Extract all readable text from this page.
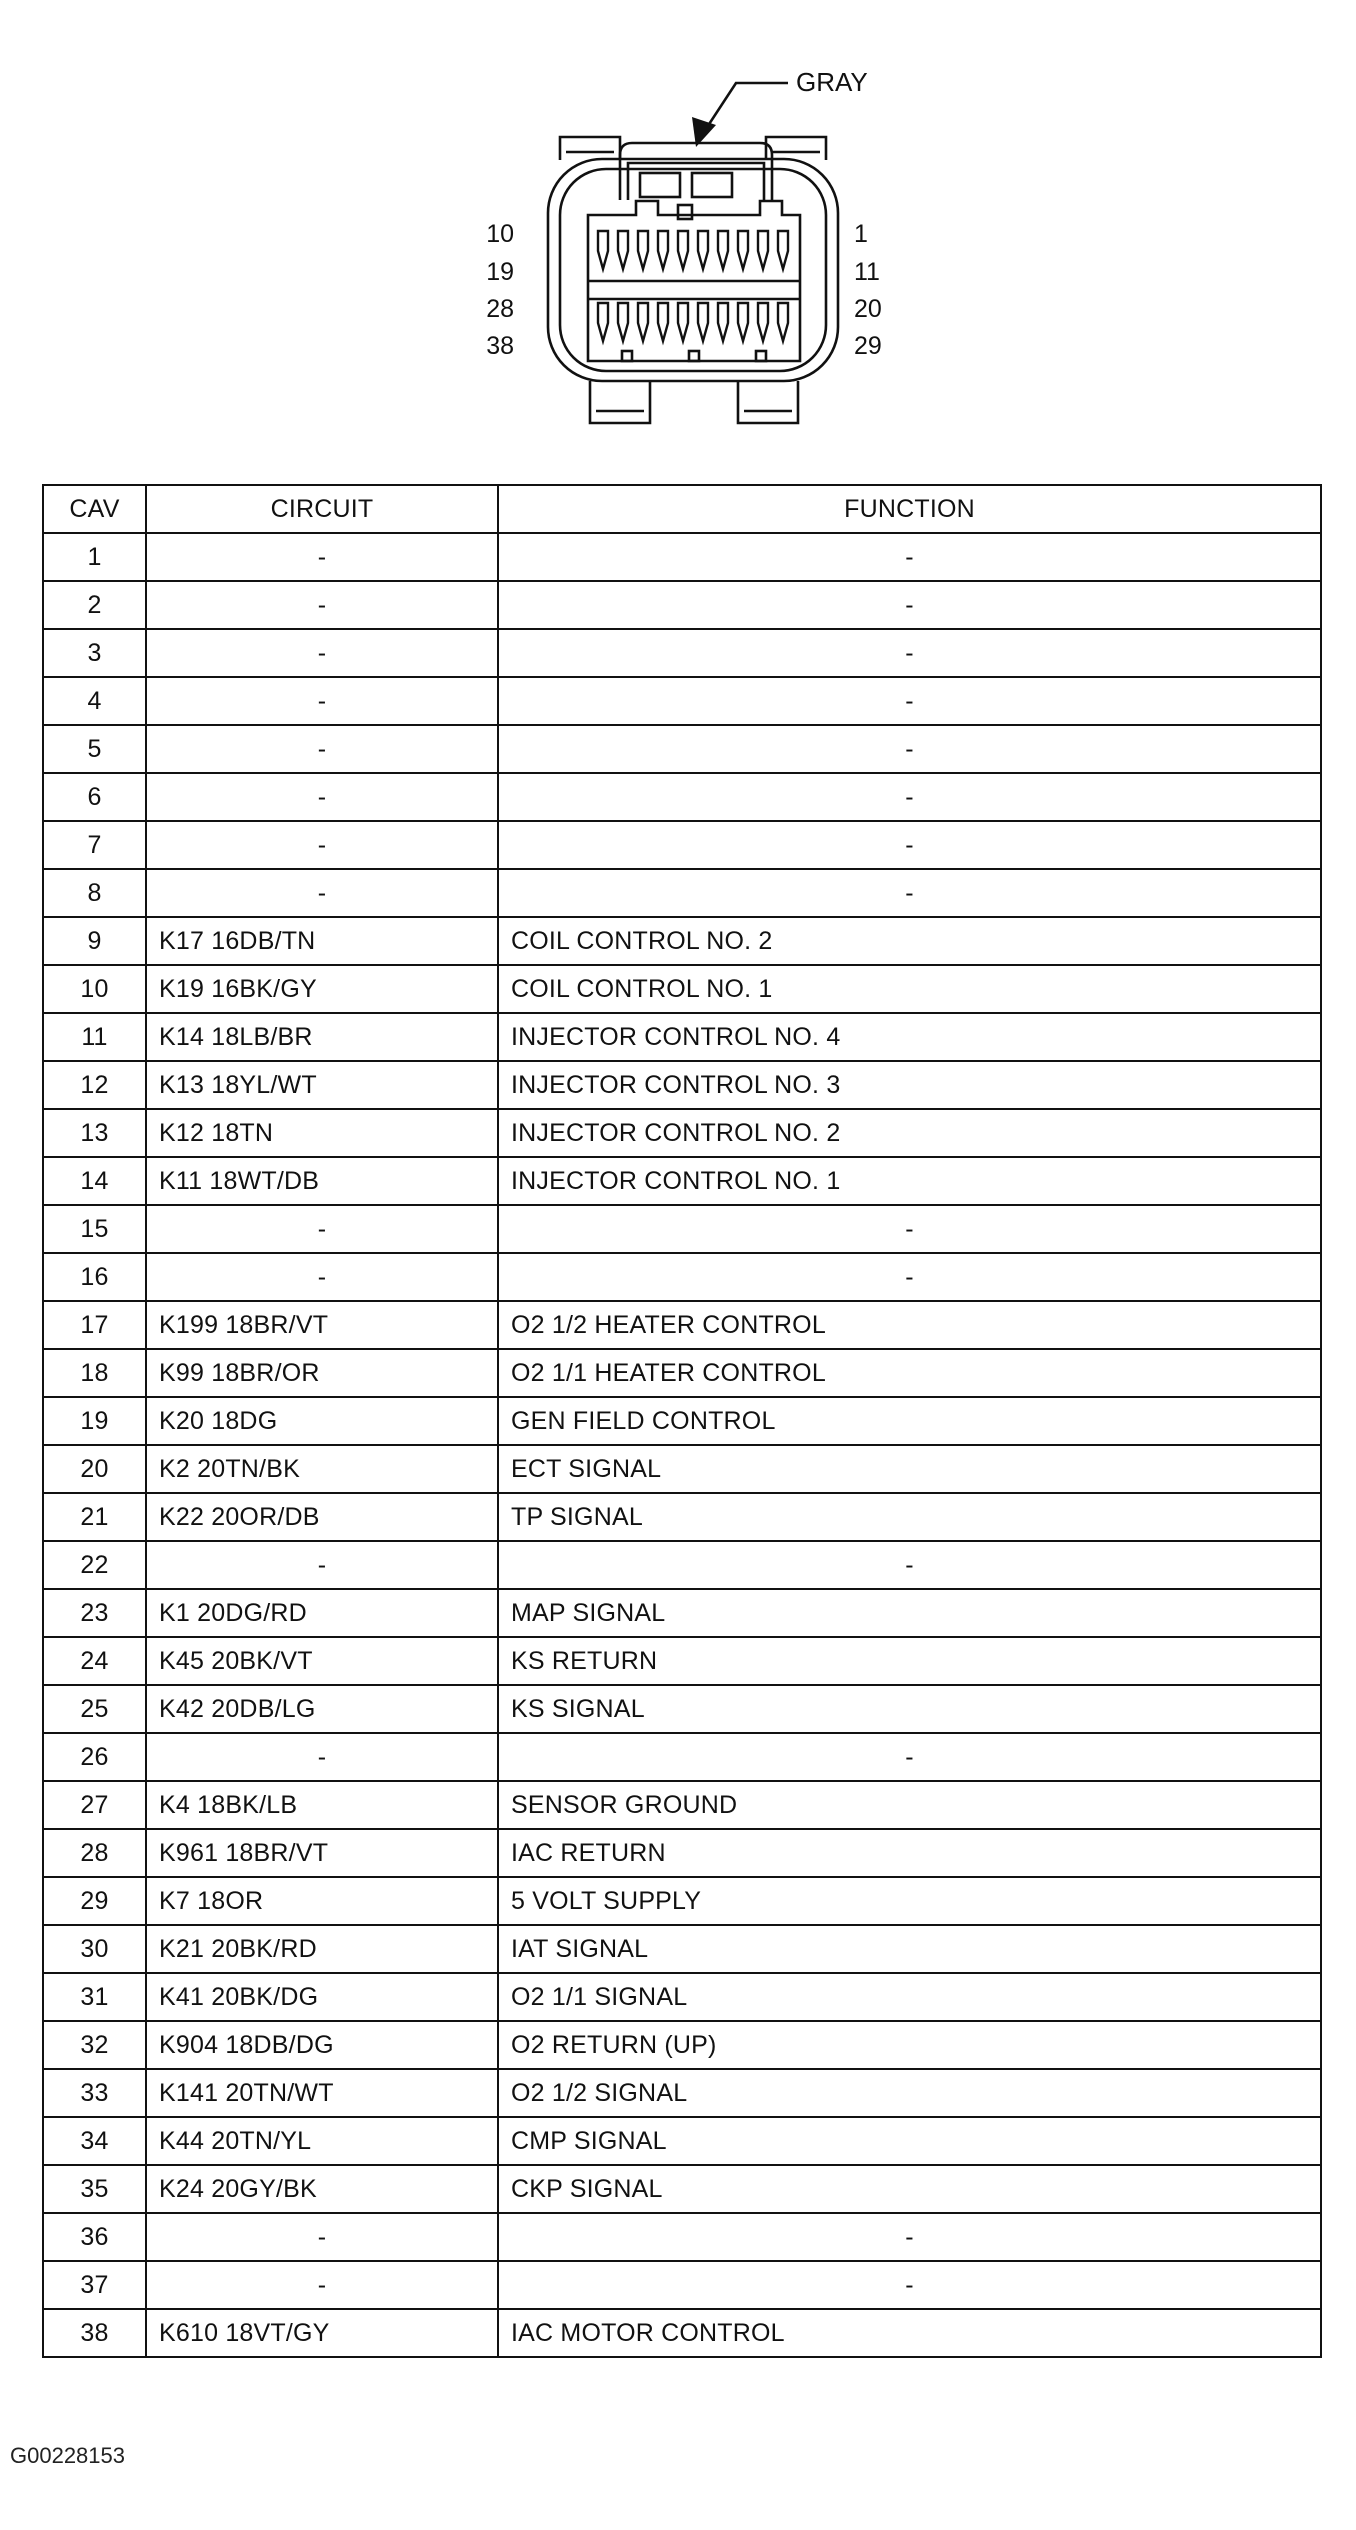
GRAY
10
19
28
38
1
11
20
29
CAV	CIRCUIT	FUNCTION
1	-	-
2	-	-
3	-	-
4	-	-
5	-	-
6	-	-
7	-	-
8	-	-
9	K17 16DB/TN	COIL CONTROL NO. 2
10	K19 16BK/GY	COIL CONTROL NO. 1
11	K14 18LB/BR	INJECTOR CONTROL NO. 4
12	K13 18YL/WT	INJECTOR CONTROL NO. 3
13	K12 18TN	INJECTOR CONTROL NO. 2
14	K11 18WT/DB	INJECTOR CONTROL NO. 1
15	-	-
16	-	-
17	K199 18BR/VT	O2 1/2 HEATER CONTROL
18	K99 18BR/OR	O2 1/1 HEATER CONTROL
19	K20 18DG	GEN FIELD CONTROL
20	K2 20TN/BK	ECT SIGNAL
21	K22 20OR/DB	TP SIGNAL
22	-	-
23	K1 20DG/RD	MAP SIGNAL
24	K45 20BK/VT	KS RETURN
25	K42 20DB/LG	KS SIGNAL
26	-	-
27	K4 18BK/LB	SENSOR GROUND
28	K961 18BR/VT	IAC RETURN
29	K7 18OR	5 VOLT SUPPLY
30	K21 20BK/RD	IAT SIGNAL
31	K41 20BK/DG	O2 1/1 SIGNAL
32	K904 18DB/DG	O2 RETURN (UP)
33	K141 20TN/WT	O2 1/2 SIGNAL
34	K44 20TN/YL	CMP SIGNAL
35	K24 20GY/BK	CKP SIGNAL
36	-	-
37	-	-
38	K610 18VT/GY	IAC MOTOR CONTROL
G00228153
